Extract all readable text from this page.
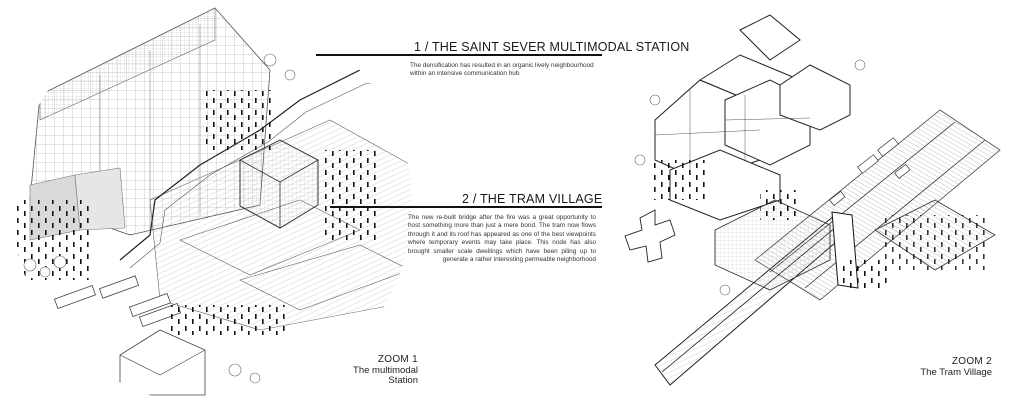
1 / THE SAINT SEVER MULTIMODAL STATION
The densification has resulted in an organic lively neighbourhood within an intensive communication hub
2 / THE TRAM VILLAGE
The new re-built bridge after the fire was a great opportunity to host something more than just a mere bond. The tram now flows through it and its roof has appeared as one of the best viewpoints where temporary events may take place. This node has also brought smaller scale dwellings which have been piling up to generate a rather interesting permeable neighborhood
ZOOM 1
The multimodal
Station
ZOOM 2
The Tram Village
